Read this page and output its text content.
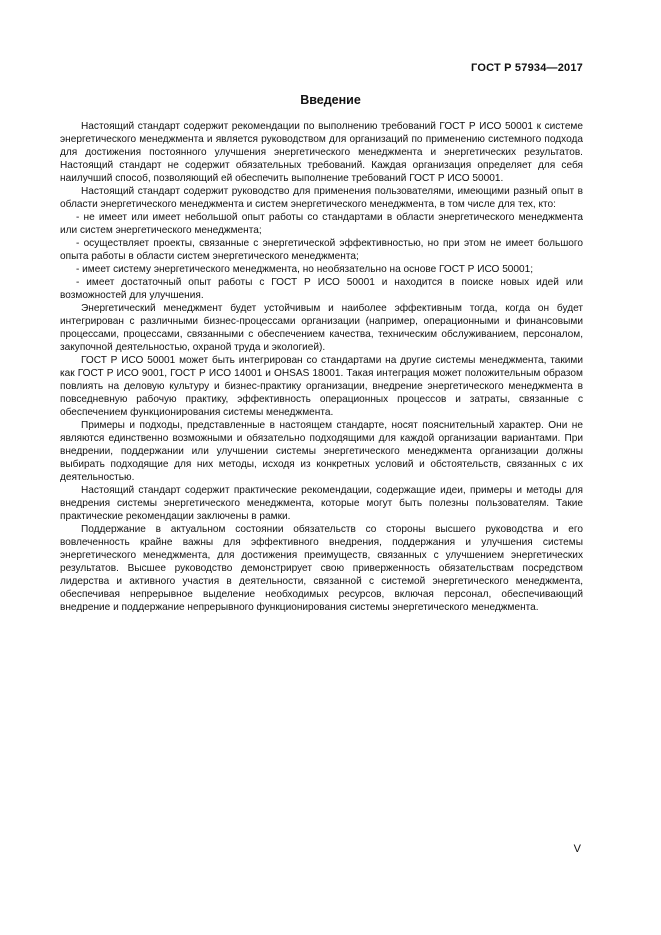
ГОСТ Р 57934—2017
Введение

Настоящий стандарт содержит рекомендации по выполнению требований ГОСТ Р ИСО 50001 к системе энергетического менеджмента и является руководством для организаций по применению системного подхода для достижения постоянного улучшения энергетического менеджмента и энергетических результатов. Настоящий стандарт не содержит обязательных требований. Каждая организация определяет для себя наилучший способ, позволяющий ей обеспечить выполнение требований ГОСТ Р ИСО 50001.

Настоящий стандарт содержит руководство для применения пользователями, имеющими разный опыт в области энергетического менеджмента и систем энергетического менеджмента, в том числе для тех, кто:

- не имеет или имеет небольшой опыт работы со стандартами в области энергетического менеджмента или систем энергетического менеджмента;

- осуществляет проекты, связанные с энергетической эффективностью, но при этом не имеет большого опыта работы в области систем энергетического менеджмента;

- имеет систему энергетического менеджмента, но необязательно на основе ГОСТ Р ИСО 50001;

- имеет достаточный опыт работы с ГОСТ Р ИСО 50001 и находится в поиске новых идей или возможностей для улучшения.

Энергетический менеджмент будет устойчивым и наиболее эффективным тогда, когда он будет интегрирован с различными бизнес-процессами организации (например, операционными и финансовыми процессами, процессами, связанными с обеспечением качества, техническим обслуживанием, персоналом, закупочной деятельностью, охраной труда и экологией).

ГОСТ Р ИСО 50001 может быть интегрирован со стандартами на другие системы менеджмента, такими как ГОСТ Р ИСО 9001, ГОСТ Р ИСО 14001 и OHSAS 18001. Такая интеграция может положительным образом повлиять на деловую культуру и бизнес-практику организации, внедрение энергетического менеджмента в повседневную рабочую практику, эффективность операционных процессов и затраты, связанные с обеспечением функционирования системы менеджмента.

Примеры и подходы, представленные в настоящем стандарте, носят пояснительный характер. Они не являются единственно возможными и обязательно подходящими для каждой организации вариантами. При внедрении, поддержании или улучшении системы энергетического менеджмента организации должны выбирать подходящие для них методы, исходя из конкретных условий и обстоятельств, связанных с их деятельностью.

Настоящий стандарт содержит практические рекомендации, содержащие идеи, примеры и методы для внедрения системы энергетического менеджмента, которые могут быть полезны пользователям. Такие практические рекомендации заключены в рамки.

Поддержание в актуальном состоянии обязательств со стороны высшего руководства и его вовлеченность крайне важны для эффективного внедрения, поддержания и улучшения системы энергетического менеджмента, для достижения преимуществ, связанных с улучшением энергетических результатов. Высшее руководство демонстрирует свою приверженность обязательствам посредством лидерства и активного участия в деятельности, связанной с системой энергетического менеджмента, обеспечивая непрерывное выделение необходимых ресурсов, включая персонал, обеспечивающий внедрение и поддержание непрерывного функционирования системы энергетического менеджмента.

V
